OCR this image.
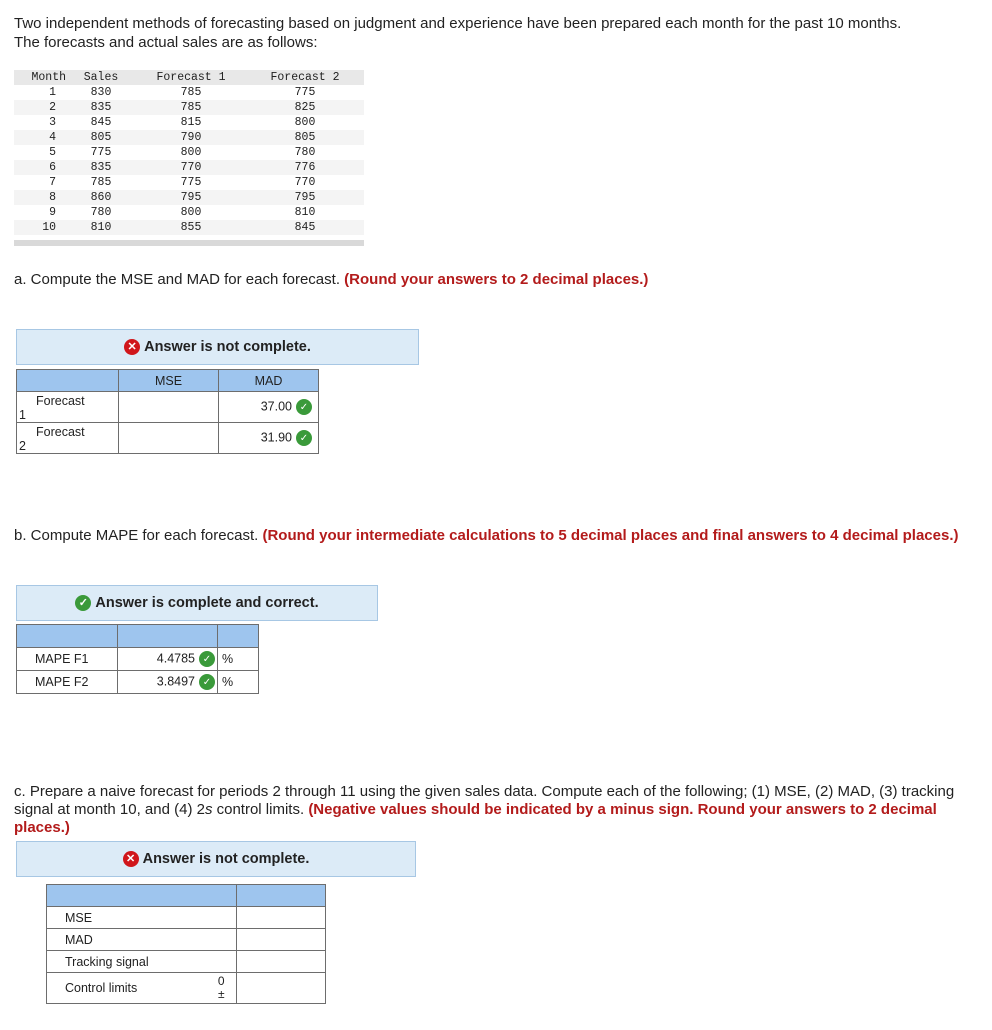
Two independent methods of forecasting based on judgment and experience have been prepared each month for the past 10 months.

The forecasts and actual sales are as follows:

Month	Sales	Forecast 1	Forecast 2
1	830	785	775
2	835	785	825
3	845	815	800
4	805	790	805
5	775	800	780
6	835	770	776
7	785	775	770
8	860	795	795
9	780	800	810
10	810	855	845

a. Compute the MSE and MAD for each forecast. (Round your answers to 2 decimal places.)
✕ Answer is not complete.
	MSE	MAD

Forecast
1		37.00 ✓

Forecast
2		31.90 ✓
b. Compute MAPE for each forecast. (Round your intermediate calculations to 5 decimal places and final answers to 4 decimal places.)
✓ Answer is complete and correct.

MAPE F1	4.4785 ✓	%
MAPE F2	3.8497 ✓	%
c. Prepare a naive forecast for periods 2 through 11 using the given sales data. Compute each of the following; (1) MSE, (2) MAD, (3) tracking signal at month 10, and (4) 2s control limits. (Negative values should be indicated by a minus sign. Round your answers to 2 decimal places.)
✕ Answer is not complete.

MSE		
MAD		
Tracking signal		
Control limits	0
±	
